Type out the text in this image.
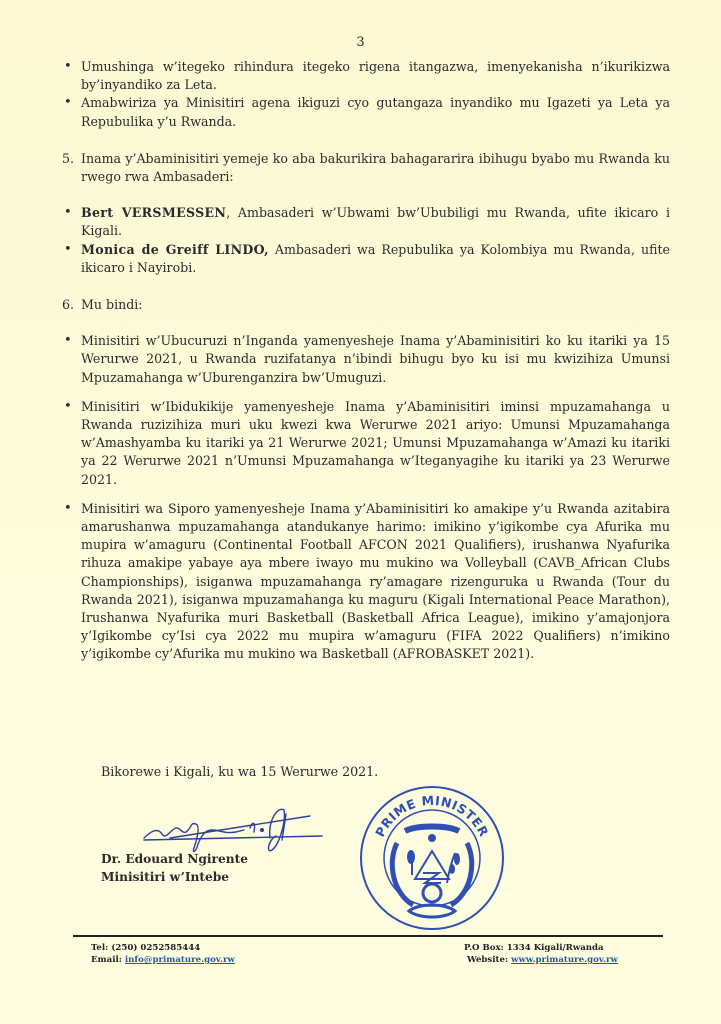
3
• Umushinga w’itegeko rihindura itegeko rigena itangazwa, imenyekanisha n’ikurikizwa by’inyandiko za Leta.
• Amabwiriza ya Minisitiri agena ikiguzi cyo gutangaza inyandiko mu Igazeti ya Leta ya Repubulika y’u Rwanda.
5. Inama y’Abaminisitiri yemeje ko aba bakurikira bahagararira ibihugu byabo mu Rwanda ku rwego rwa Ambasaderi:
• Bert VERSMESSEN, Ambasaderi w’Ubwami bw’Ububiligi mu Rwanda, ufite ikicaro i Kigali.
• Monica de Greiff LINDO, Ambasaderi wa Repubulika ya Kolombiya mu Rwanda, ufite ikicaro i Nayirobi.
6. Mu bindi:
• Minisitiri w’Ubucuruzi n’Inganda yamenyesheje Inama y’Abaminisitiri ko ku itariki ya 15 Werurwe 2021, u Rwanda ruzifatanya n’ibindi bihugu byo ku isi mu kwizihiza Umunsi Mpuzamahanga w’Uburenganzira bw’Umuguzi.
• Minisitiri w’Ibidukikije yamenyesheje Inama y’Abaminisitiri iminsi mpuzamahanga u Rwanda ruzizihiza muri uku kwezi kwa Werurwe 2021 ariyo: Umunsi Mpuzamahanga w’Amashyamba ku itariki ya 21 Werurwe 2021; Umunsi Mpuzamahanga w’Amazi ku itariki ya 22 Werurwe 2021 n’Umunsi Mpuzamahanga w’Iteganyagihe ku itariki ya 23 Werurwe 2021.
• Minisitiri wa Siporo yamenyesheje Inama y’Abaminisitiri ko amakipe y’u Rwanda azitabira amarushanwa mpuzamahanga atandukanye harimo: imikino y’igikombe cya Afurika mu mupira w’amaguru (Continental Football AFCON 2021 Qualifiers), irushanwa Nyafurika rihuza amakipe yabaye aya mbere iwayo mu mukino wa Volleyball (CAVB_African Clubs Championships), isiganwa mpuzamahanga ry’amagare rizenguruka u Rwanda (Tour du Rwanda 2021), isiganwa mpuzamahanga ku maguru (Kigali International Peace Marathon), Irushanwa Nyafurika muri Basketball (Basketball Africa League), imikino y’amajonjora y’Igikombe cy’Isi cya 2022 mu mupira w’amaguru (FIFA 2022 Qualifiers) n’imikino y’igikombe cy’Afurika mu mukino wa Basketball (AFROBASKET 2021).
Bikorewe i Kigali, ku wa 15 Werurwe 2021.
Dr. Edouard Ngirente
Minisitiri w’Intebe
PRIME MINISTER
Tel: (250) 0252585444
Email: info@primature.gov.rw
P.O Box: 1334 Kigali/Rwanda
Website: www.primature.gov.rw
